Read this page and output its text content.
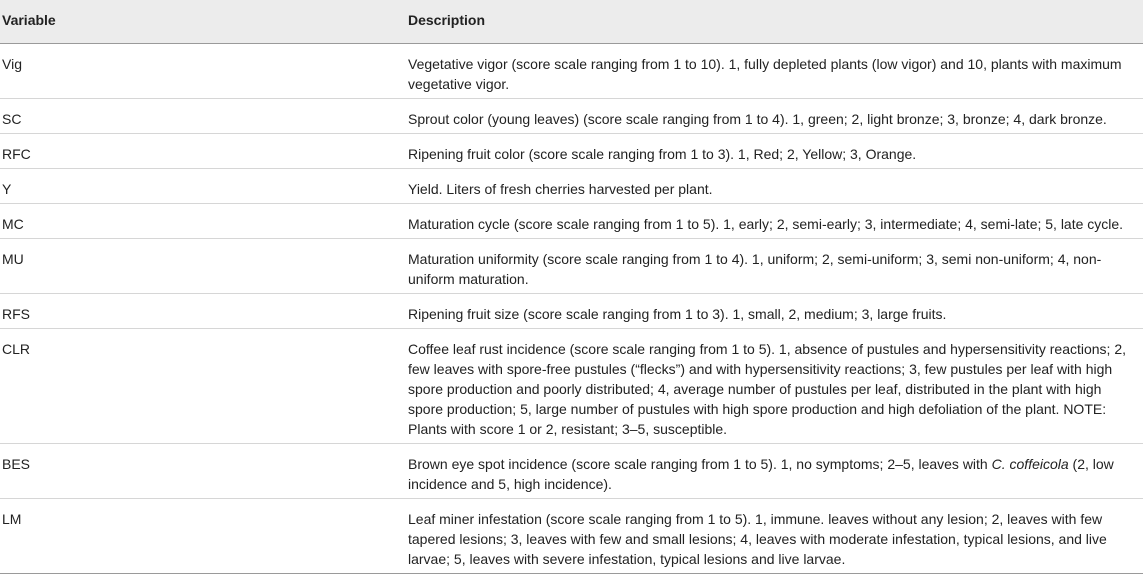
Variable	Description
Vig	Vegetative vigor (score scale ranging from 1 to 10). 1, fully depleted plants (low vigor) and 10, plants with maximum vegetative vigor.
SC	Sprout color (young leaves) (score scale ranging from 1 to 4). 1, green; 2, light bronze; 3, bronze; 4, dark bronze.
RFC	Ripening fruit color (score scale ranging from 1 to 3). 1, Red; 2, Yellow; 3, Orange.
Y	Yield. Liters of fresh cherries harvested per plant.
MC	Maturation cycle (score scale ranging from 1 to 5). 1, early; 2, semi-early; 3, intermediate; 4, semi-late; 5, late cycle.
MU	Maturation uniformity (score scale ranging from 1 to 4). 1, uniform; 2, semi-uniform; 3, semi non-uniform; 4, non-uniform maturation.
RFS	Ripening fruit size (score scale ranging from 1 to 3). 1, small, 2, medium; 3, large fruits.
CLR	Coffee leaf rust incidence (score scale ranging from 1 to 5). 1, absence of pustules and hypersensitivity reactions; 2, few leaves with spore-free pustules (“flecks”) and with hypersensitivity reactions; 3, few pustules per leaf with high spore production and poorly distributed; 4, average number of pustules per leaf, distributed in the plant with high spore production; 5, large number of pustules with high spore production and high defoliation of the plant. NOTE: Plants with score 1 or 2, resistant; 3–5, susceptible.
BES	Brown eye spot incidence (score scale ranging from 1 to 5). 1, no symptoms; 2–5, leaves with C. coffeicola (2, low incidence and 5, high incidence).
LM	Leaf miner infestation (score scale ranging from 1 to 5). 1, immune. leaves without any lesion; 2, leaves with few tapered lesions; 3, leaves with few and small lesions; 4, leaves with moderate infestation, typical lesions, and live larvae; 5, leaves with severe infestation, typical lesions and live larvae.
